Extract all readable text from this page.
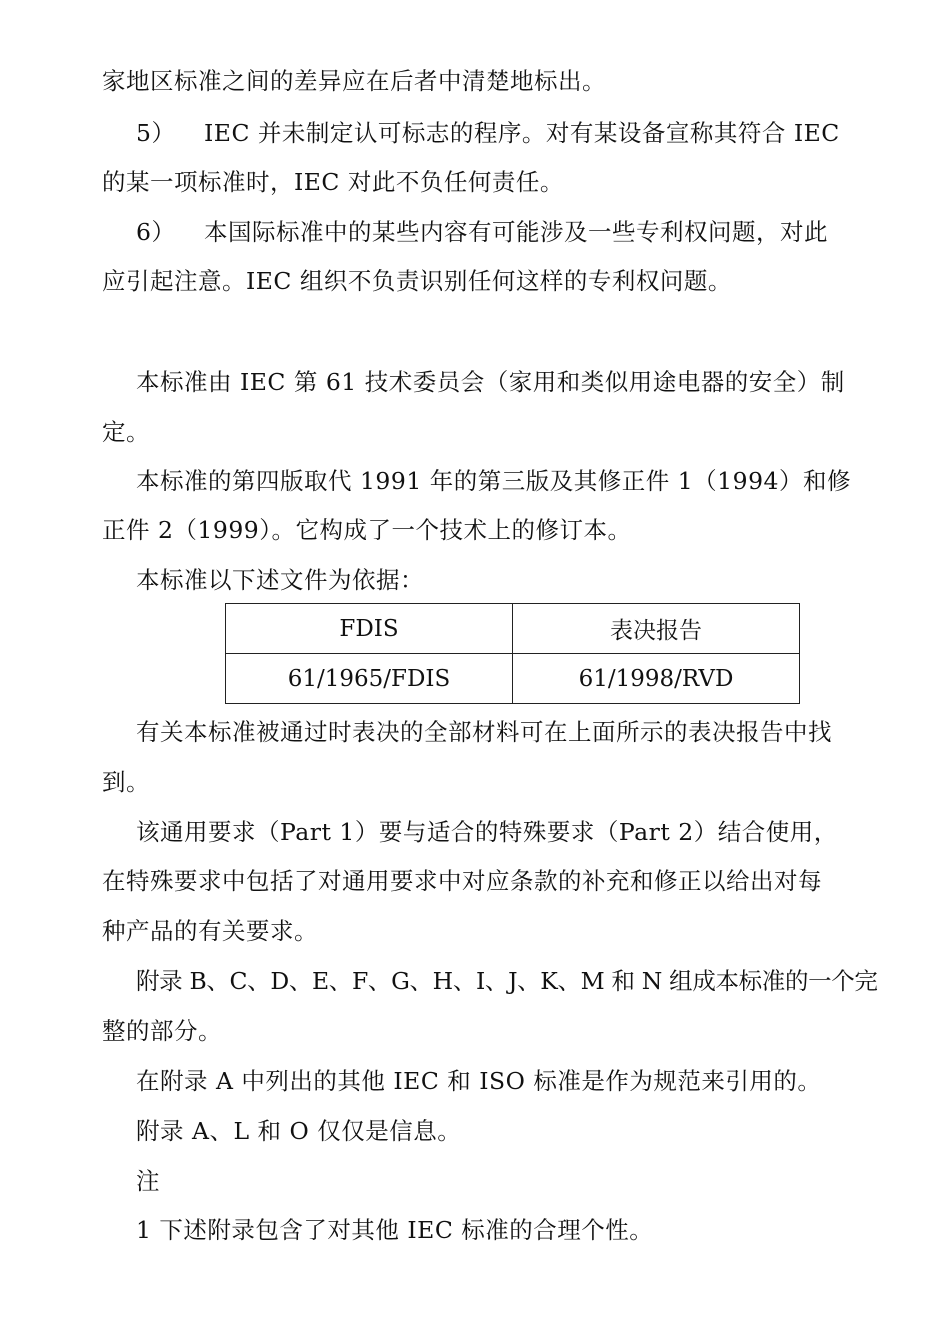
家地区标准之间的差异应在后者中清楚地标出。
5） IEC 并未制定认可标志的程序。对有某设备宣称其符合 IEC
的某一项标准时，IEC 对此不负任何责任。
6） 本国际标准中的某些内容有可能涉及一些专利权问题，对此
应引起注意。IEC 组织不负责识别任何这样的专利权问题。
本标准由 IEC 第 61 技术委员会（家用和类似用途电器的安全）制
定。
本标准的第四版取代 1991 年的第三版及其修正件 1（1994）和修
正件 2（1999）。它构成了一个技术上的修订本。
本标准以下述文件为依据：
FDIS	表决报告
61/1965/FDIS	61/1998/RVD
有关本标准被通过时表决的全部材料可在上面所示的表决报告中找
到。
该通用要求（Part 1）要与适合的特殊要求（Part 2）结合使用，
在特殊要求中包括了对通用要求中对应条款的补充和修正以给出对每
种产品的有关要求。
附录 B、C、D、E、F、G、H、I、J、K、M 和 N 组成本标准的一个完
整的部分。
在附录 A 中列出的其他 IEC 和 ISO 标准是作为规范来引用的。
附录 A、L 和 O 仅仅是信息。
注
1 下述附录包含了对其他 IEC 标准的合理个性。
